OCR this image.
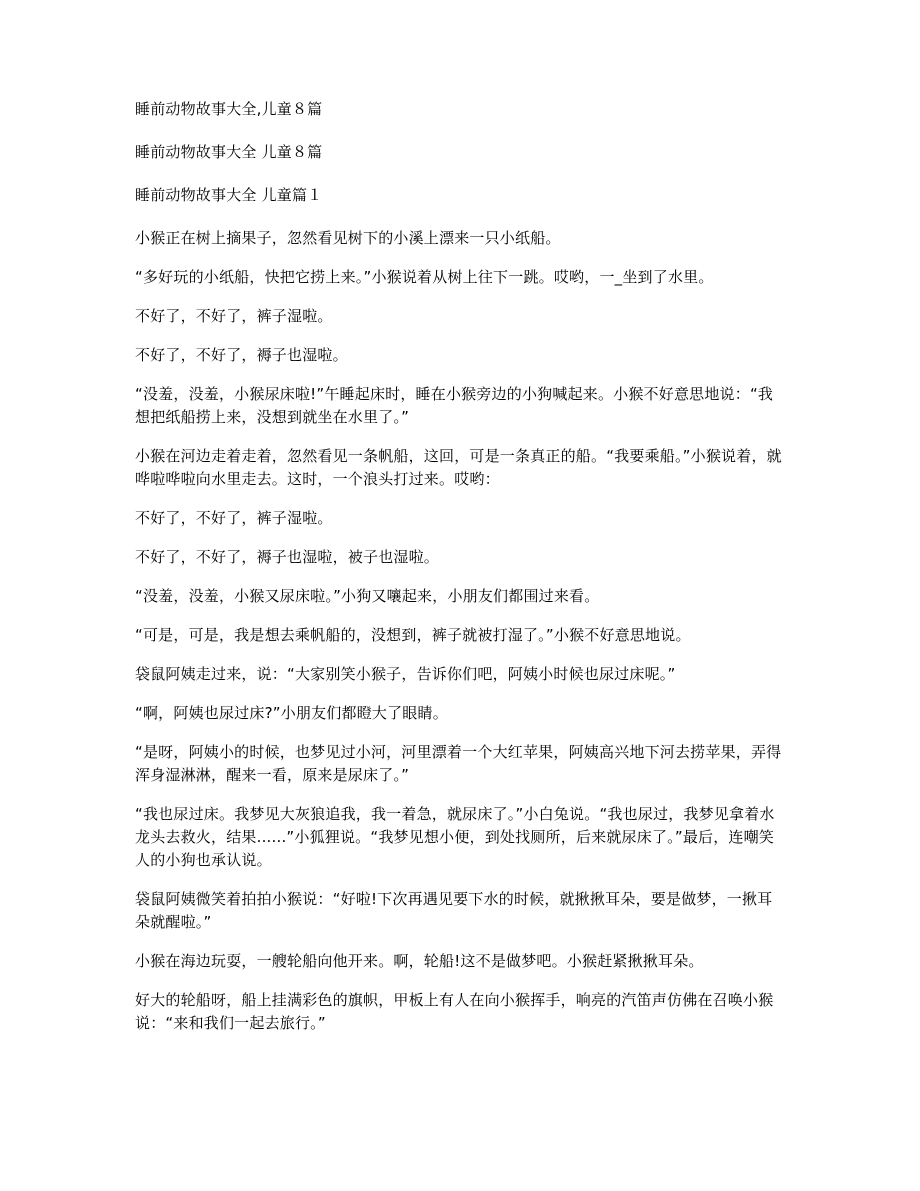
睡前动物故事大全,儿童８篇
睡前动物故事大全 儿童８篇
睡前动物故事大全 儿童篇１
小猴正在树上摘果子，忽然看见树下的小溪上漂来一只小纸船。
“多好玩的小纸船，快把它捞上来。”小猴说着从树上往下一跳。哎哟，一_坐到了水里。
不好了，不好了，裤子湿啦。
不好了，不好了，褥子也湿啦。
“没羞，没羞，小猴尿床啦!”午睡起床时，睡在小猴旁边的小狗喊起来。小猴不好意思地说：“我想把纸船捞上来，没想到就坐在水里了。”
小猴在河边走着走着，忽然看见一条帆船，这回，可是一条真正的船。“我要乘船。”小猴说着，就哗啦哗啦向水里走去。这时，一个浪头打过来。哎哟：
不好了，不好了，裤子湿啦。
不好了，不好了，褥子也湿啦，被子也湿啦。
“没羞，没羞，小猴又尿床啦。”小狗又嚷起来，小朋友们都围过来看。
“可是，可是，我是想去乘帆船的，没想到，裤子就被打湿了。”小猴不好意思地说。
袋鼠阿姨走过来，说：“大家别笑小猴子，告诉你们吧，阿姨小时候也尿过床呢。”
“啊，阿姨也尿过床?”小朋友们都瞪大了眼睛。
“是呀，阿姨小的时候，也梦见过小河，河里漂着一个大红苹果，阿姨高兴地下河去捞苹果，弄得浑身湿淋淋，醒来一看，原来是尿床了。”
“我也尿过床。我梦见大灰狼追我，我一着急，就尿床了。”小白兔说。“我也尿过，我梦见拿着水龙头去救火，结果......”小狐狸说。“我梦见想小便，到处找厕所，后来就尿床了。”最后，连嘲笑人的小狗也承认说。
袋鼠阿姨微笑着拍拍小猴说：“好啦!下次再遇见要下水的时候，就揪揪耳朵，要是做梦，一揪耳朵就醒啦。”
小猴在海边玩耍，一艘轮船向他开来。啊，轮船!这不是做梦吧。小猴赶紧揪揪耳朵。
好大的轮船呀，船上挂满彩色的旗帜，甲板上有人在向小猴挥手，响亮的汽笛声仿佛在召唤小猴说：“来和我们一起去旅行。”
